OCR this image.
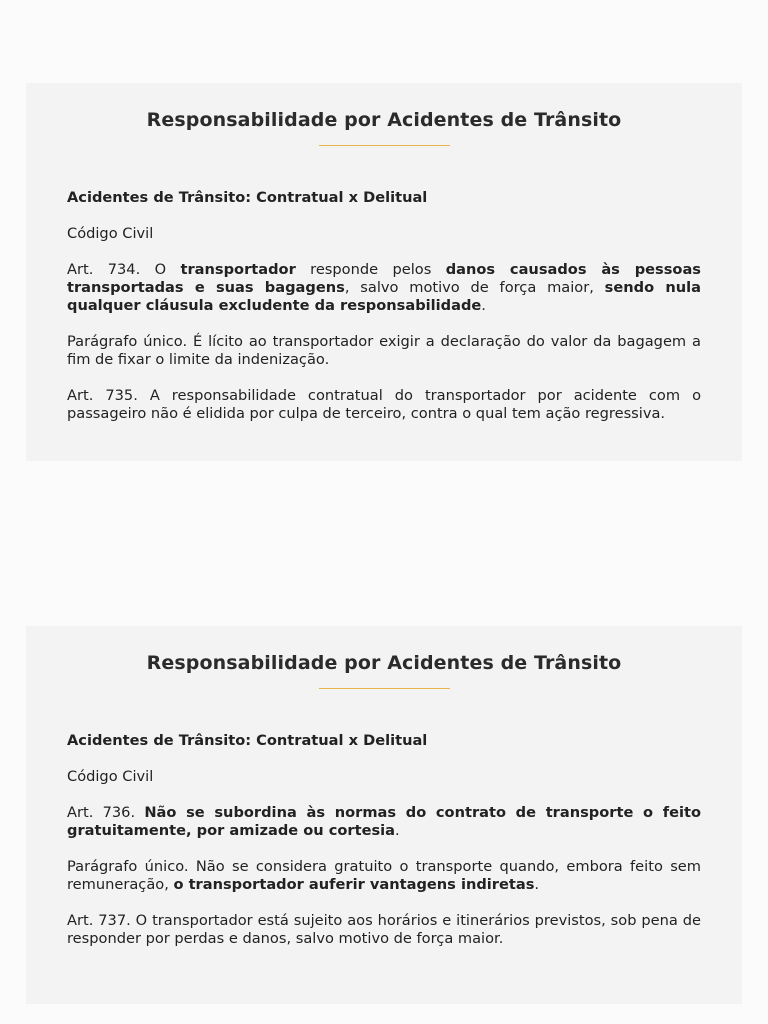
Responsabilidade por Acidentes de Trânsito

Acidentes de Trânsito: Contratual x Delitual

Código Civil

Art. 734. O transportador responde pelos danos causados às pessoas transportadas e suas bagagens, salvo motivo de força maior, sendo nula qualquer cláusula excludente da responsabilidade.

Parágrafo único. É lícito ao transportador exigir a declaração do valor da bagagem a fim de fixar o limite da indenização.

Art. 735. A responsabilidade contratual do transportador por acidente com o passageiro não é elidida por culpa de terceiro, contra o qual tem ação regressiva.

Responsabilidade por Acidentes de Trânsito

Acidentes de Trânsito: Contratual x Delitual

Código Civil

Art. 736. Não se subordina às normas do contrato de transporte o feito gratuitamente, por amizade ou cortesia.

Parágrafo único. Não se considera gratuito o transporte quando, embora feito sem remuneração, o transportador auferir vantagens indiretas.

Art. 737. O transportador está sujeito aos horários e itinerários previstos, sob pena de responder por perdas e danos, salvo motivo de força maior.
